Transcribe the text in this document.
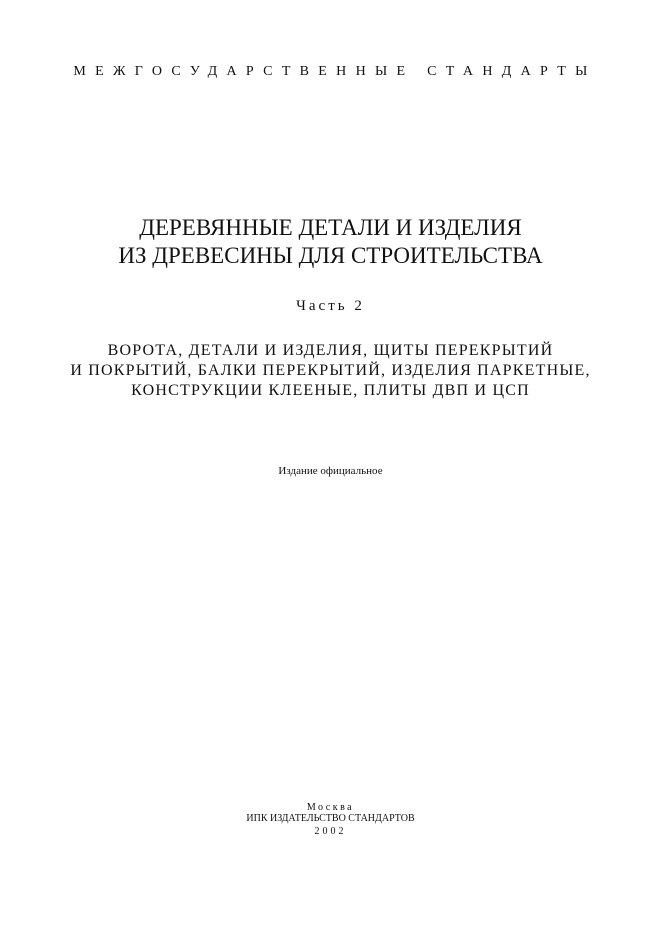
МЕЖГОСУДАРСТВЕННЫЕ СТАНДАРТЫ
ДЕРЕВЯННЫЕ ДЕТАЛИ И ИЗДЕЛИЯ
ИЗ ДРЕВЕСИНЫ ДЛЯ СТРОИТЕЛЬСТВА
Часть 2
ВОРОТА, ДЕТАЛИ И ИЗДЕЛИЯ, ЩИТЫ ПЕРЕКРЫТИЙ
И ПОКРЫТИЙ, БАЛКИ ПЕРЕКРЫТИЙ, ИЗДЕЛИЯ ПАРКЕТНЫЕ,
КОНСТРУКЦИИ КЛЕЕНЫЕ, ПЛИТЫ ДВП И ЦСП
Издание официальное
Москва
ИПК ИЗДАТЕЛЬСТВО СТАНДАРТОВ
2002
